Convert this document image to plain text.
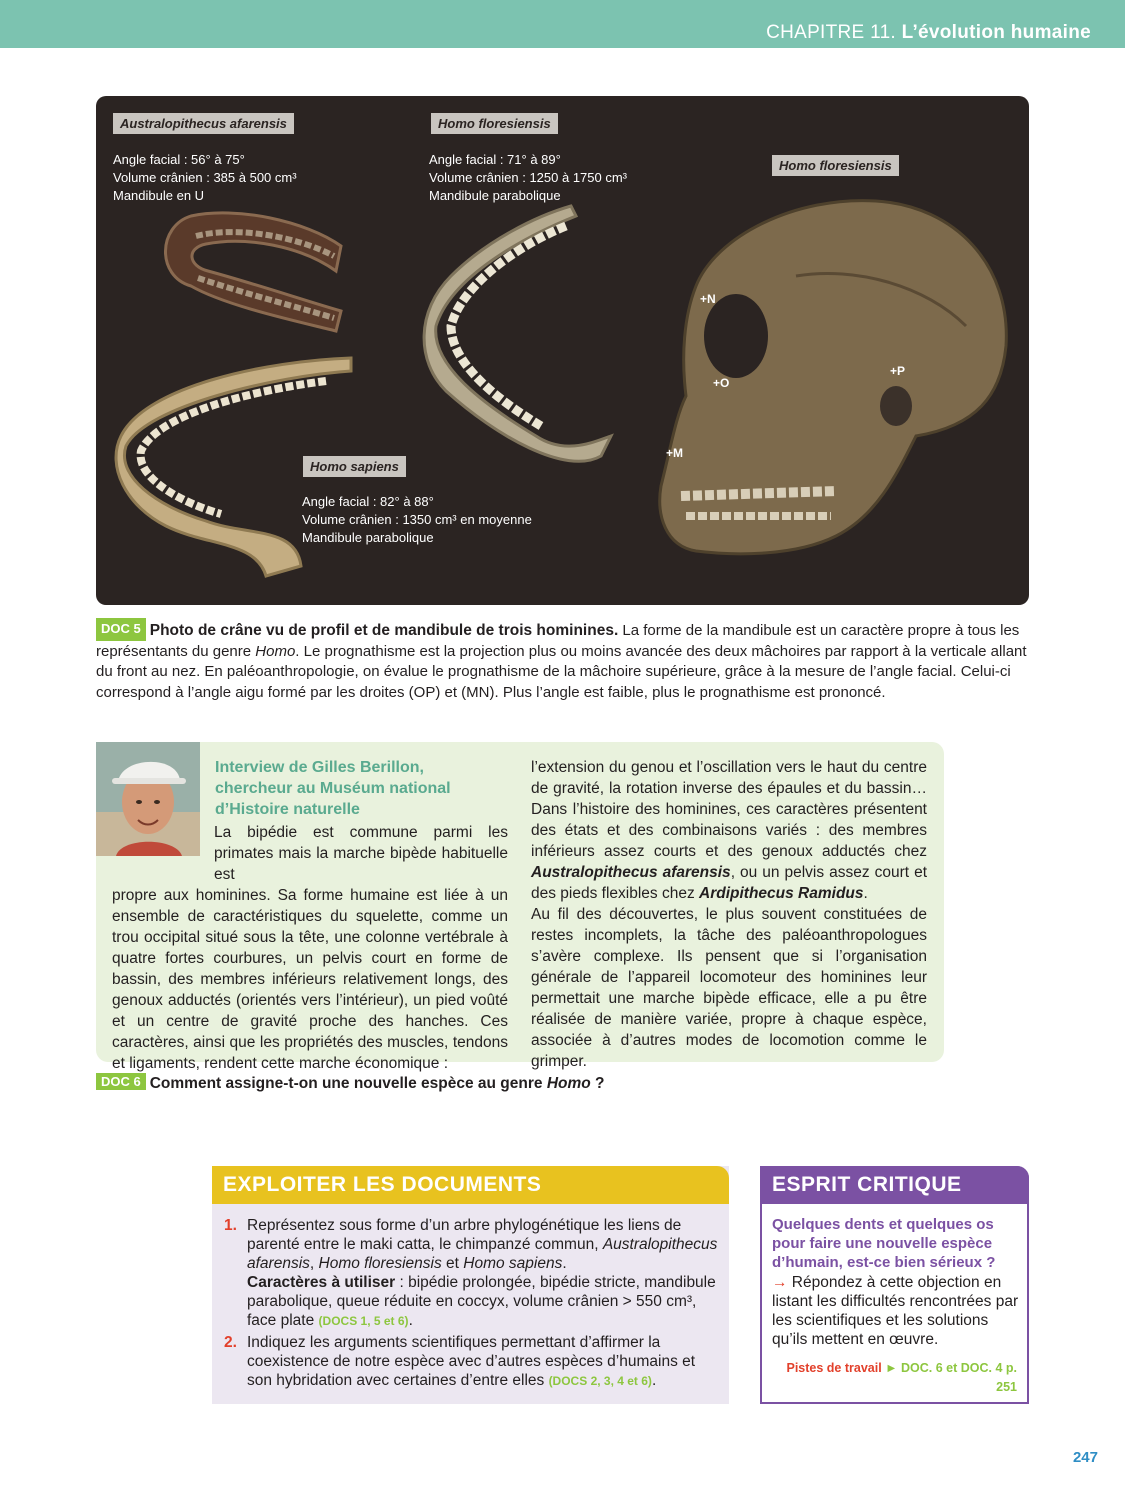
CHAPITRE 11. L’évolution humaine
Australopithecus afarensis
Angle facial : 56° à 75°
Volume crânien : 385 à 500 cm³
Mandibule en U
Homo floresiensis
Angle facial : 71° à 89°
Volume crânien : 1250 à 1750 cm³
Mandibule parabolique
Homo floresiensis
Homo sapiens
Angle facial : 82° à 88°
Volume crânien : 1350 cm³ en moyenne
Mandibule parabolique
+N
+O
+P
+M
DOC 5 Photo de crâne vu de profil et de mandibule de trois hominines. La forme de la mandibule est un caractère propre à tous les représentants du genre Homo. Le prognathisme est la projection plus ou moins avancée des deux mâchoires par rapport à la verticale allant du front au nez. En paléoanthropologie, on évalue le prognathisme de la mâchoire supérieure, grâce à la mesure de l’angle facial. Celui-ci correspond à l’angle aigu formé par les droites (OP) et (MN). Plus l’angle est faible, plus le prognathisme est prononcé.
Interview de Gilles Berillon, chercheur au Muséum national d’Histoire naturelle
La bipédie est commune parmi les primates mais la marche bipède habituelle est
propre aux hominines. Sa forme humaine est liée à un ensemble de caractéristiques du squelette, comme un trou occipital situé sous la tête, une colonne vertébrale à quatre fortes courbures, un pelvis court en forme de bassin, des membres inférieurs relativement longs, des genoux adductés (orientés vers l’intérieur), un pied voûté et un centre de gravité proche des hanches. Ces caractères, ainsi que les propriétés des muscles, tendons et ligaments, rendent cette marche économique :
l’extension du genou et l’oscillation vers le haut du centre de gravité, la rotation inverse des épaules et du bassin… Dans l’histoire des hominines, ces caractères présentent des états et des combinaisons variés : des membres inférieurs assez courts et des genoux adductés chez Australopithecus afarensis, ou un pelvis assez court et des pieds flexibles chez Ardipithecus Ramidus.
Au fil des découvertes, le plus souvent constituées de restes incomplets, la tâche des paléoanthropologues s’avère complexe. Ils pensent que si l’organisation générale de l’appareil locomoteur des hominines leur permettait une marche bipède efficace, elle a pu être réalisée de manière variée, propre à chaque espèce, associée à d’autres modes de locomotion comme le grimper.
DOC 6 Comment assigne-t-on une nouvelle espèce au genre Homo ?
EXPLOITER LES DOCUMENTS
1. Représentez sous forme d’un arbre phylogénétique les liens de parenté entre le maki catta, le chimpanzé commun, Australopithecus afarensis, Homo floresiensis et Homo sapiens.
Caractères à utiliser : bipédie prolongée, bipédie stricte, mandibule parabolique, queue réduite en coccyx, volume crânien > 550 cm³, face plate (DOCS 1, 5 et 6).
2. Indiquez les arguments scientifiques permettant d’affirmer la coexistence de notre espèce avec d’autres espèces d’humains et son hybridation avec certaines d’entre elles (DOCS 2, 3, 4 et 6).
ESPRIT CRITIQUE
Quelques dents et quelques os pour faire une nouvelle espèce d’humain, est-ce bien sérieux ?
→ Répondez à cette objection en listant les difficultés rencontrées par les scientifiques et les solutions qu’ils mettent en œuvre.
Pistes de travail ► DOC. 6 et DOC. 4 p. 251
247
